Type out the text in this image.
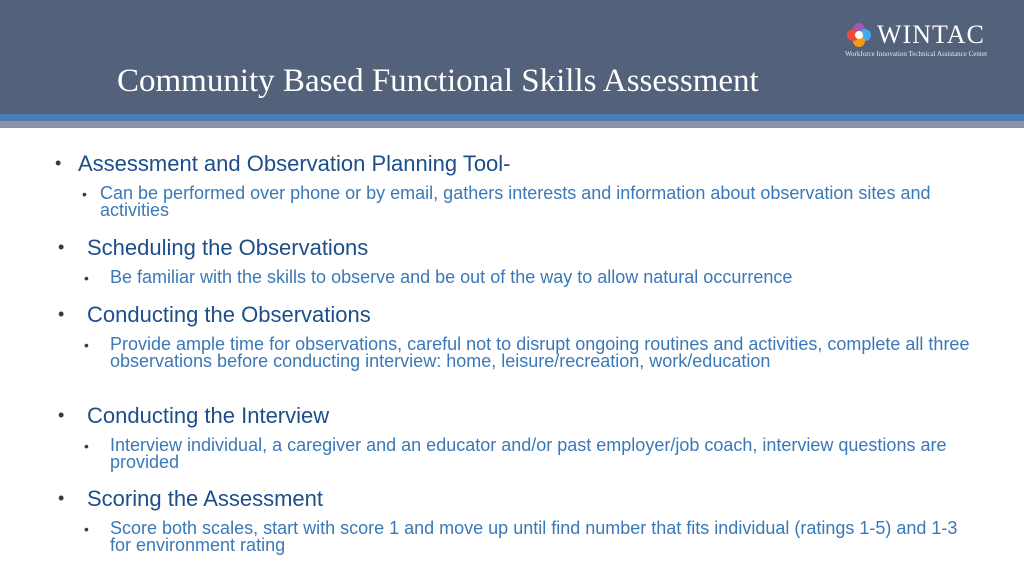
WINTAC
Workforce Innovation Technical Assistance Center
Community Based Functional Skills Assessment
• Assessment and Observation Planning Tool-
• Can be performed over phone or by email, gathers interests and information about observation sites and activities
• Scheduling the Observations
• Be familiar with the skills to observe and be out of the way to allow natural occurrence
• Conducting the Observations
• Provide ample time for observations, careful not to disrupt ongoing routines and activities, complete all three observations before conducting interview: home, leisure/recreation, work/education
• Conducting the Interview
• Interview individual, a caregiver and an educator and/or past employer/job coach, interview questions are provided
• Scoring the Assessment
• Score both scales, start with score 1 and move up until find number that fits individual (ratings 1-5) and 1-3 for environment rating
